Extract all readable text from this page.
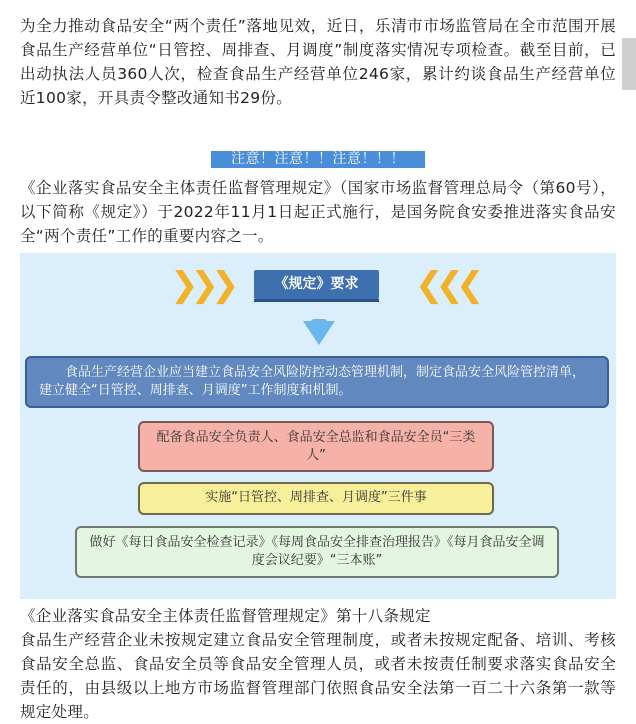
为全力推动食品安全“两个责任”落地见效，近日，乐清市市场监管局在全市范围开展食品生产经营单位“日管控、周排查、月调度”制度落实情况专项检查。截至目前，已出动执法人员360人次，检查食品生产经营单位246家，累计约谈食品生产经营单位近100家，开具责令整改通知书29份。

注意！注意！！注意！！！

《企业落实食品安全主体责任监督管理规定》（国家市场监督管理总局令（第60号），以下简称《规定》）于2022年11月1日起正式施行，是国务院食安委推进落实食品安全“两个责任”工作的重要内容之一。

❯❯❯	《规定》要求	❮❮❮
食品生产经营企业应当建立食品安全风险防控动态管理机制，制定食品安全风险管控清单，建立健全“日管控、周排查、月调度”工作制度和机制。
配备食品安全负责人、食品安全总监和食品安全员“三类人”
实施“日管控、周排查、月调度”三件事
做好《每日食品安全检查记录》《每周食品安全排查治理报告》《每月食品安全调度会议纪要》“三本账”

《企业落实食品安全主体责任监督管理规定》第十八条规定

食品生产经营企业未按规定建立食品安全管理制度，或者未按规定配备、培训、考核食品安全总监、食品安全员等食品安全管理人员，或者未按责任制要求落实食品安全责任的，由县级以上地方市场监督管理部门依照食品安全法第一百二十六条第一款等规定处理。
